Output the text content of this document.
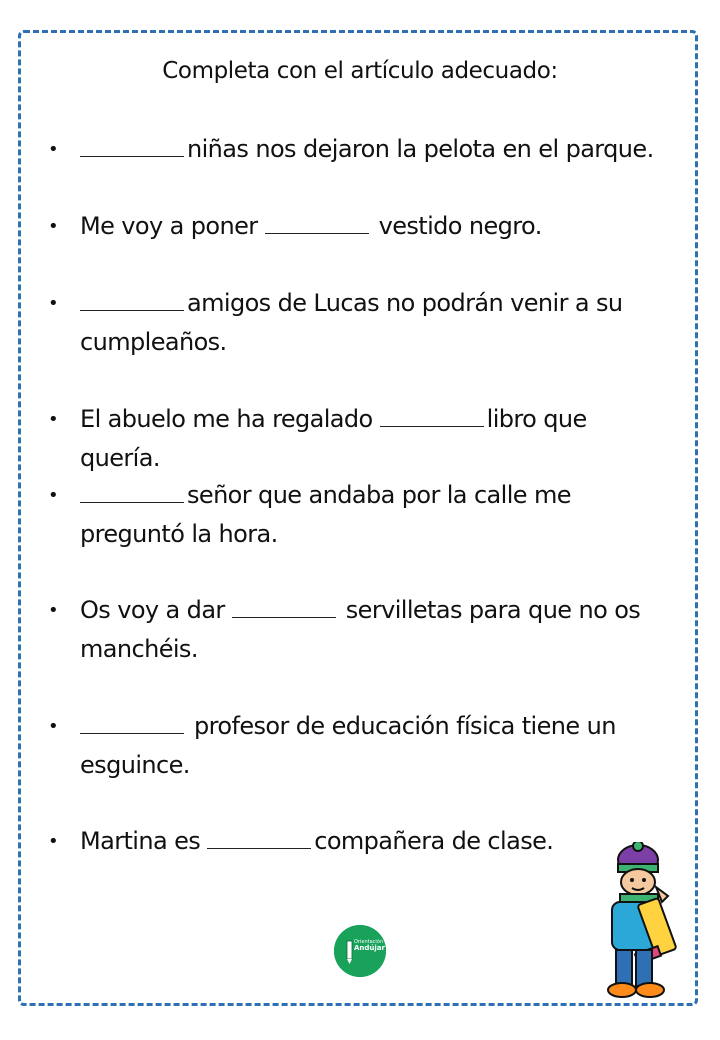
Completa con el artículo adecuado:
•	niñas nos dejaron la pelota en el parque.
• Me voy a poner	vestido negro.
•	amigos de Lucas no podrán venir a su cumpleaños.
• El abuelo me ha regalado	libro que quería.
•	señor que andaba por la calle me preguntó la hora.
• Os voy a dar	servilletas para que no os manchéis.
•	profesor de educación física tiene un esguince.
• Martina es	compañera de clase.
Orientación
Andújar
